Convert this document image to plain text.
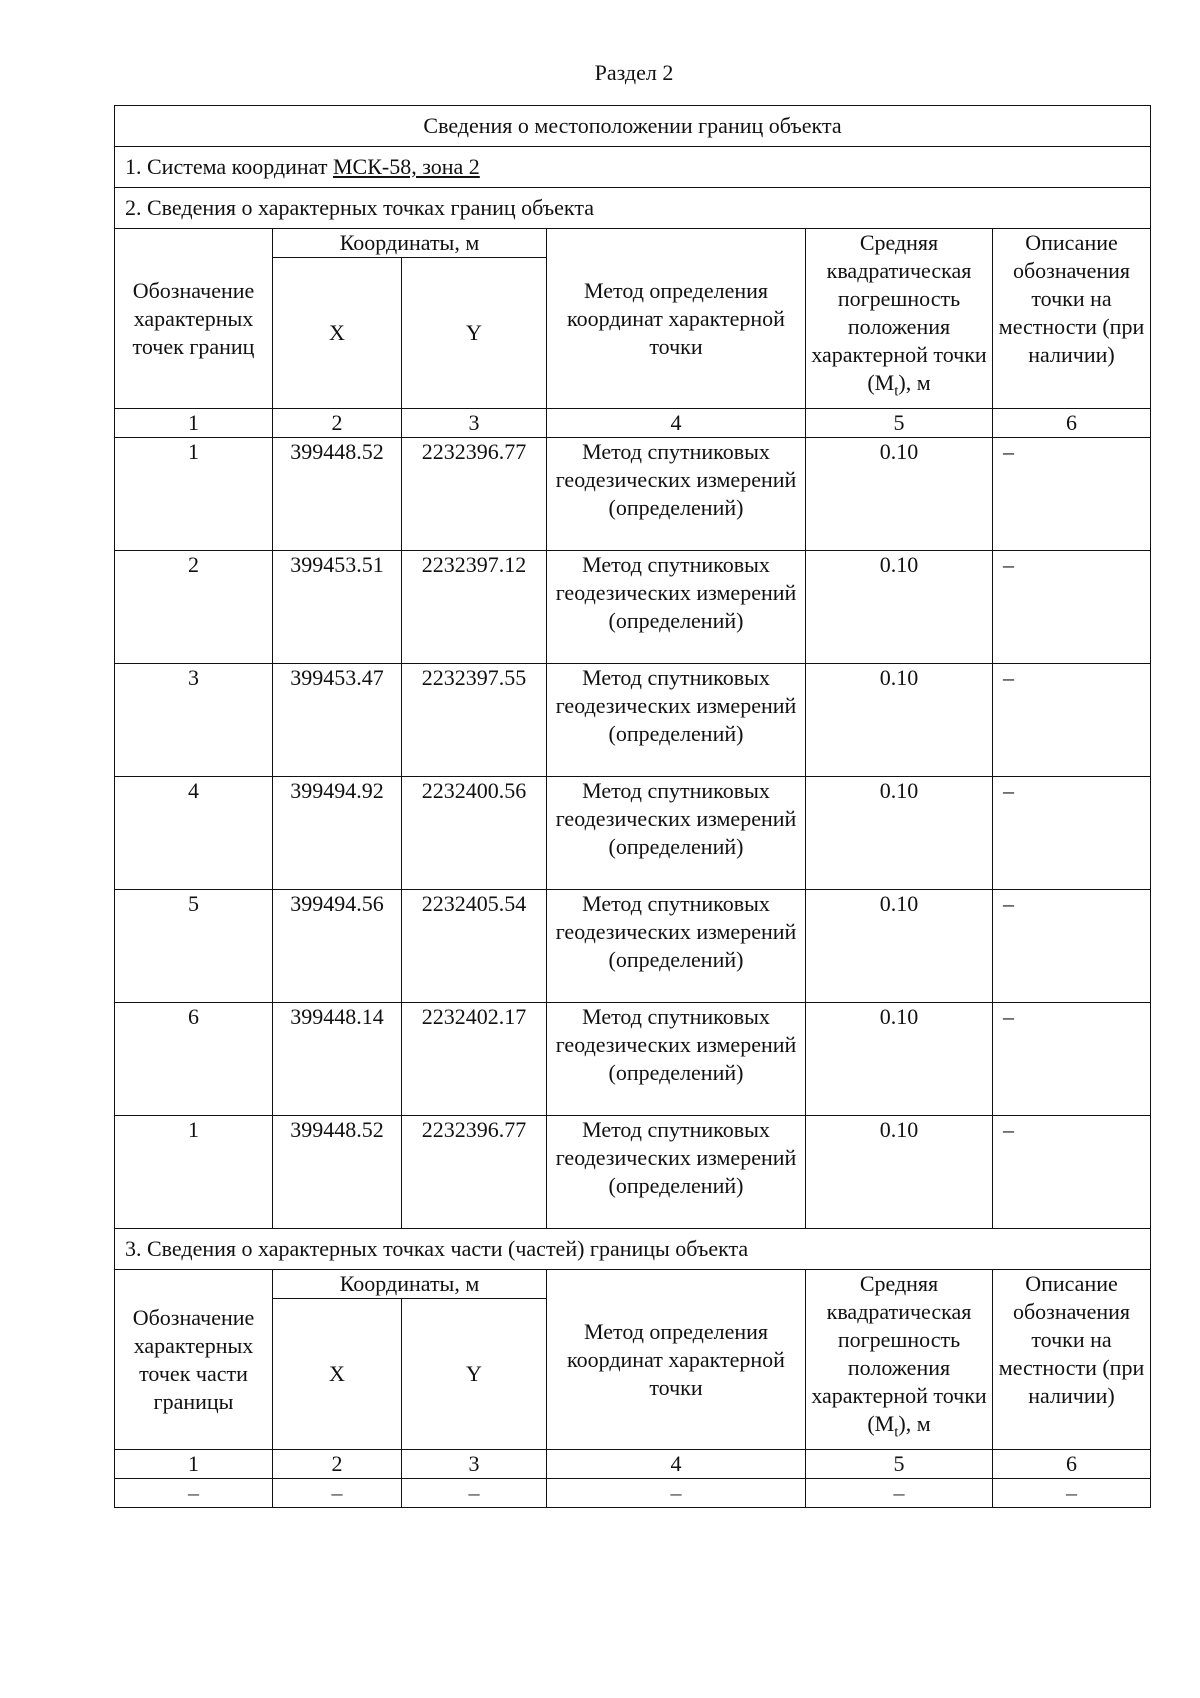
Раздел 2
Сведения о местоположении границ объекта					
1. Система координат МСК-58, зона 2					
2. Сведения о характерных точках границ объекта					
Обозначение характерных точек границ	Координаты, м		Метод определения координат характерной точки	Средняя квадратическая погрешность положения характерной точки $(M_t)$, м	Описание обозначения точки на местности (при наличии)
	X	Y			
1	2	3	4	5	6
1	399448.52	2232396.77	Метод спутниковых геодезических измерений (определений)	0.10	–
2	399453.51	2232397.12	Метод спутниковых геодезических измерений (определений)	0.10	–
3	399453.47	2232397.55	Метод спутниковых геодезических измерений (определений)	0.10	–
4	399494.92	2232400.56	Метод спутниковых геодезических измерений (определений)	0.10	–
5	399494.56	2232405.54	Метод спутниковых геодезических измерений (определений)	0.10	–
6	399448.14	2232402.17	Метод спутниковых геодезических измерений (определений)	0.10	–
1	399448.52	2232396.77	Метод спутниковых геодезических измерений (определений)	0.10	–
3. Сведения о характерных точках части (частей) границы объекта					
Обозначение характерных точек части границы	Координаты, м		Метод определения координат характерной точки	Средняя квадратическая погрешность положения характерной точки $(M_t)$, м	Описание обозначения точки на местности (при наличии)
	X	Y			
1	2	3	4	5	6
–	–	–	–	–	–
